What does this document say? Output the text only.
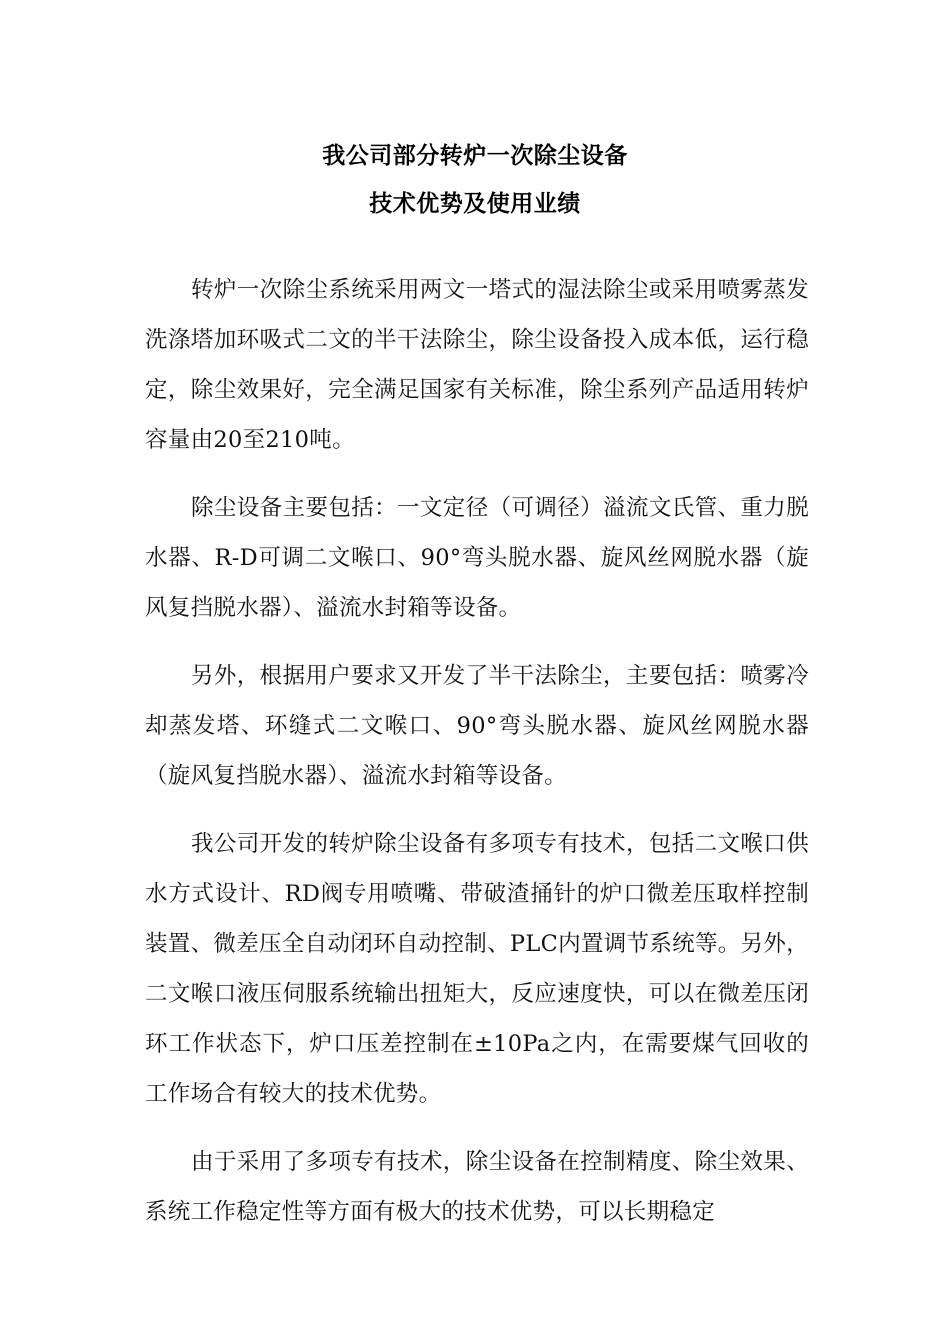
我公司部分转炉一次除尘设备
技术优势及使用业绩

转炉一次除尘系统采用两文一塔式的湿法除尘或采用喷雾蒸发洗涤塔加环吸式二文的半干法除尘，除尘设备投入成本低，运行稳定，除尘效果好，完全满足国家有关标准，除尘系列产品适用转炉容量由20至210吨。

除尘设备主要包括：一文定径（可调径）溢流文氏管、重力脱水器、R-D可调二文喉口、90°弯头脱水器、旋风丝网脱水器（旋风复挡脱水器）、溢流水封箱等设备。

另外，根据用户要求又开发了半干法除尘，主要包括：喷雾冷却蒸发塔、环缝式二文喉口、90°弯头脱水器、旋风丝网脱水器（旋风复挡脱水器）、溢流水封箱等设备。

我公司开发的转炉除尘设备有多项专有技术，包括二文喉口供水方式设计、RD阀专用喷嘴、带破渣捅针的炉口微差压取样控制装置、微差压全自动闭环自动控制、PLC内置调节系统等。另外，二文喉口液压伺服系统输出扭矩大，反应速度快，可以在微差压闭环工作状态下，炉口压差控制在±10Pa之内，在需要煤气回收的工作场合有较大的技术优势。

由于采用了多项专有技术，除尘设备在控制精度、除尘效果、系统工作稳定性等方面有极大的技术优势，可以长期稳定
